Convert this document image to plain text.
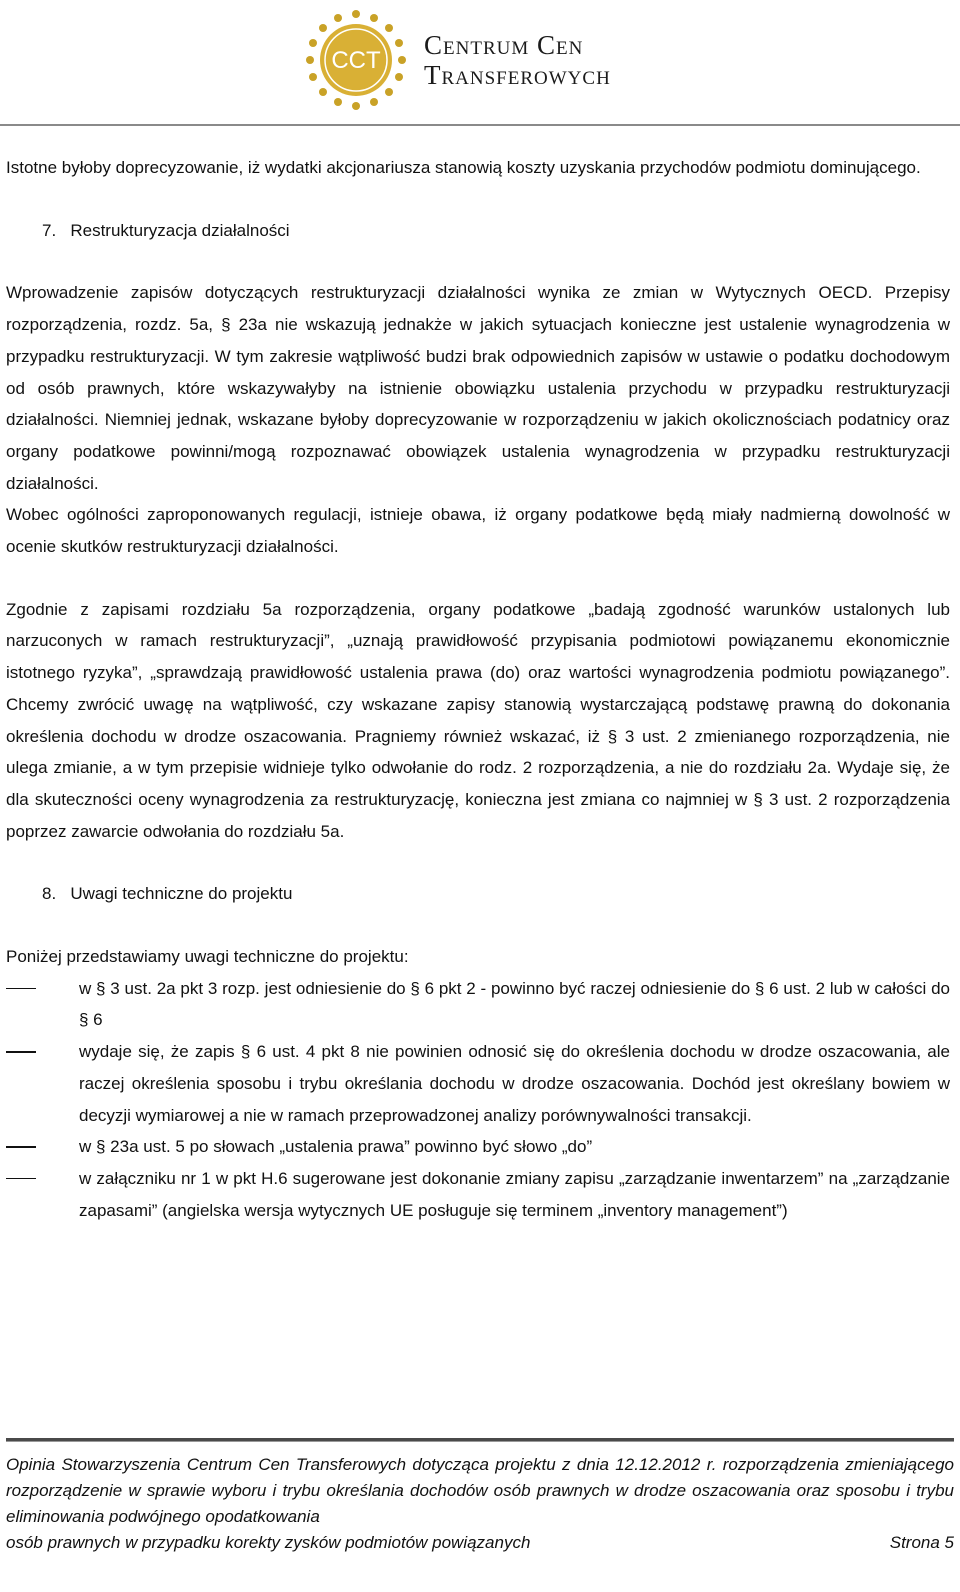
CCT
Centrum Cen
Transferowych

Istotne byłoby doprecyzowanie, iż wydatki akcjonariusza stanowią koszty uzyskania przychodów podmiotu dominującego.

7.   Restrukturyzacja działalności

Wprowadzenie zapisów dotyczących restrukturyzacji działalności wynika ze zmian w Wytycznych OECD. Przepisy rozporządzenia, rozdz. 5a, § 23a nie wskazują jednakże w jakich sytuacjach konieczne jest ustalenie wynagrodzenia w przypadku restrukturyzacji. W tym zakresie wątpliwość budzi brak odpowiednich zapisów w ustawie o podatku dochodowym od osób prawnych, które wskazywałyby na istnienie obowiązku ustalenia przychodu w przypadku restrukturyzacji działalności. Niemniej jednak, wskazane byłoby doprecyzowanie w rozporządzeniu w jakich okolicznościach podatnicy oraz organy podatkowe powinni/mogą rozpoznawać obowiązek ustalenia wynagrodzenia w przypadku restrukturyzacji działalności.

Wobec ogólności zaproponowanych regulacji, istnieje obawa, iż organy podatkowe będą miały nadmierną dowolność w ocenie skutków restrukturyzacji działalności.

Zgodnie z zapisami rozdziału 5a rozporządzenia, organy podatkowe „badają zgodność warunków ustalonych lub narzuconych w ramach restrukturyzacji”, „uznają prawidłowość przypisania podmiotowi powiązanemu ekonomicznie istotnego ryzyka”, „sprawdzają prawidłowość ustalenia prawa (do) oraz wartości wynagrodzenia podmiotu powiązanego”. Chcemy zwrócić uwagę na wątpliwość, czy wskazane zapisy stanowią wystarczającą podstawę prawną do dokonania określenia dochodu w drodze oszacowania. Pragniemy również wskazać, iż § 3 ust. 2 zmienianego rozporządzenia, nie ulega zmianie, a w tym przepisie widnieje tylko odwołanie do rodz. 2 rozporządzenia, a nie do rozdziału 2a. Wydaje się, że dla skuteczności oceny wynagrodzenia za restrukturyzację, konieczna jest zmiana co najmniej w § 3 ust. 2 rozporządzenia poprzez zawarcie odwołania do rozdziału 5a.

8.   Uwagi techniczne do projektu

Poniżej przedstawiamy uwagi techniczne do projektu:

w § 3 ust. 2a pkt 3 rozp. jest odniesienie do § 6 pkt 2 - powinno być raczej odniesienie do § 6 ust. 2 lub w całości do § 6
wydaje się, że zapis § 6 ust. 4 pkt 8 nie powinien odnosić się do określenia dochodu w drodze oszacowania, ale raczej określenia sposobu i trybu określania dochodu w drodze oszacowania. Dochód jest określany bowiem w decyzji wymiarowej a nie w ramach przeprowadzonej analizy porównywalności transakcji.
w § 23a ust. 5 po słowach „ustalenia prawa” powinno być słowo „do”
w załączniku nr 1 w pkt H.6 sugerowane jest dokonanie zmiany zapisu „zarządzanie inwentarzem” na „zarządzanie zapasami” (angielska wersja wytycznych UE posługuje się terminem „inventory management”)
Opinia Stowarzyszenia Centrum Cen Transferowych dotycząca projektu z dnia 12.12.2012 r. rozporządzenia zmieniającego rozporządzenie w sprawie wyboru i trybu określania dochodów osób prawnych w drodze oszacowania oraz sposobu i trybu eliminowania podwójnego opodatkowania
osób prawnych w przypadku korekty zysków podmiotów powiązanych	Strona 5
